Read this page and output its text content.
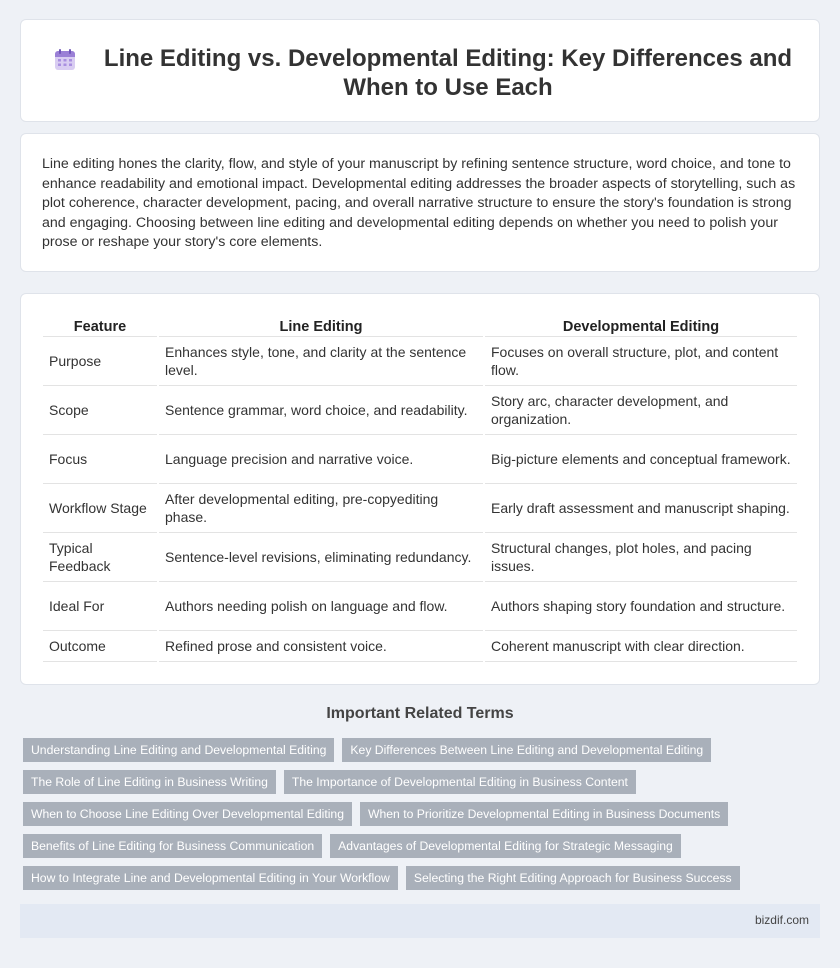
Line Editing vs. Developmental Editing: Key Differences and When to Use Each

Line editing hones the clarity, flow, and style of your manuscript by refining sentence structure, word choice, and tone to enhance readability and emotional impact. Developmental editing addresses the broader aspects of storytelling, such as plot coherence, character development, pacing, and overall narrative structure to ensure the story's foundation is strong and engaging. Choosing between line editing and developmental editing depends on whether you need to polish your prose or reshape your story's core elements.

Feature	Line Editing	Developmental Editing
Purpose	Enhances style, tone, and clarity at the sentence level.	Focuses on overall structure, plot, and content flow.
Scope	Sentence grammar, word choice, and readability.	Story arc, character development, and organization.
Focus	Language precision and narrative voice.	Big-picture elements and conceptual framework.
Workflow Stage	After developmental editing, pre-copyediting phase.	Early draft assessment and manuscript shaping.
Typical Feedback	Sentence-level revisions, eliminating redundancy.	Structural changes, plot holes, and pacing issues.
Ideal For	Authors needing polish on language and flow.	Authors shaping story foundation and structure.
Outcome	Refined prose and consistent voice.	Coherent manuscript with clear direction.
Important Related Terms
Understanding Line Editing and Developmental Editing	Key Differences Between Line Editing and Developmental Editing
The Role of Line Editing in Business Writing	The Importance of Developmental Editing in Business Content
When to Choose Line Editing Over Developmental Editing	When to Prioritize Developmental Editing in Business Documents
Benefits of Line Editing for Business Communication	Advantages of Developmental Editing for Strategic Messaging
How to Integrate Line and Developmental Editing in Your Workflow	Selecting the Right Editing Approach for Business Success
bizdif.com
